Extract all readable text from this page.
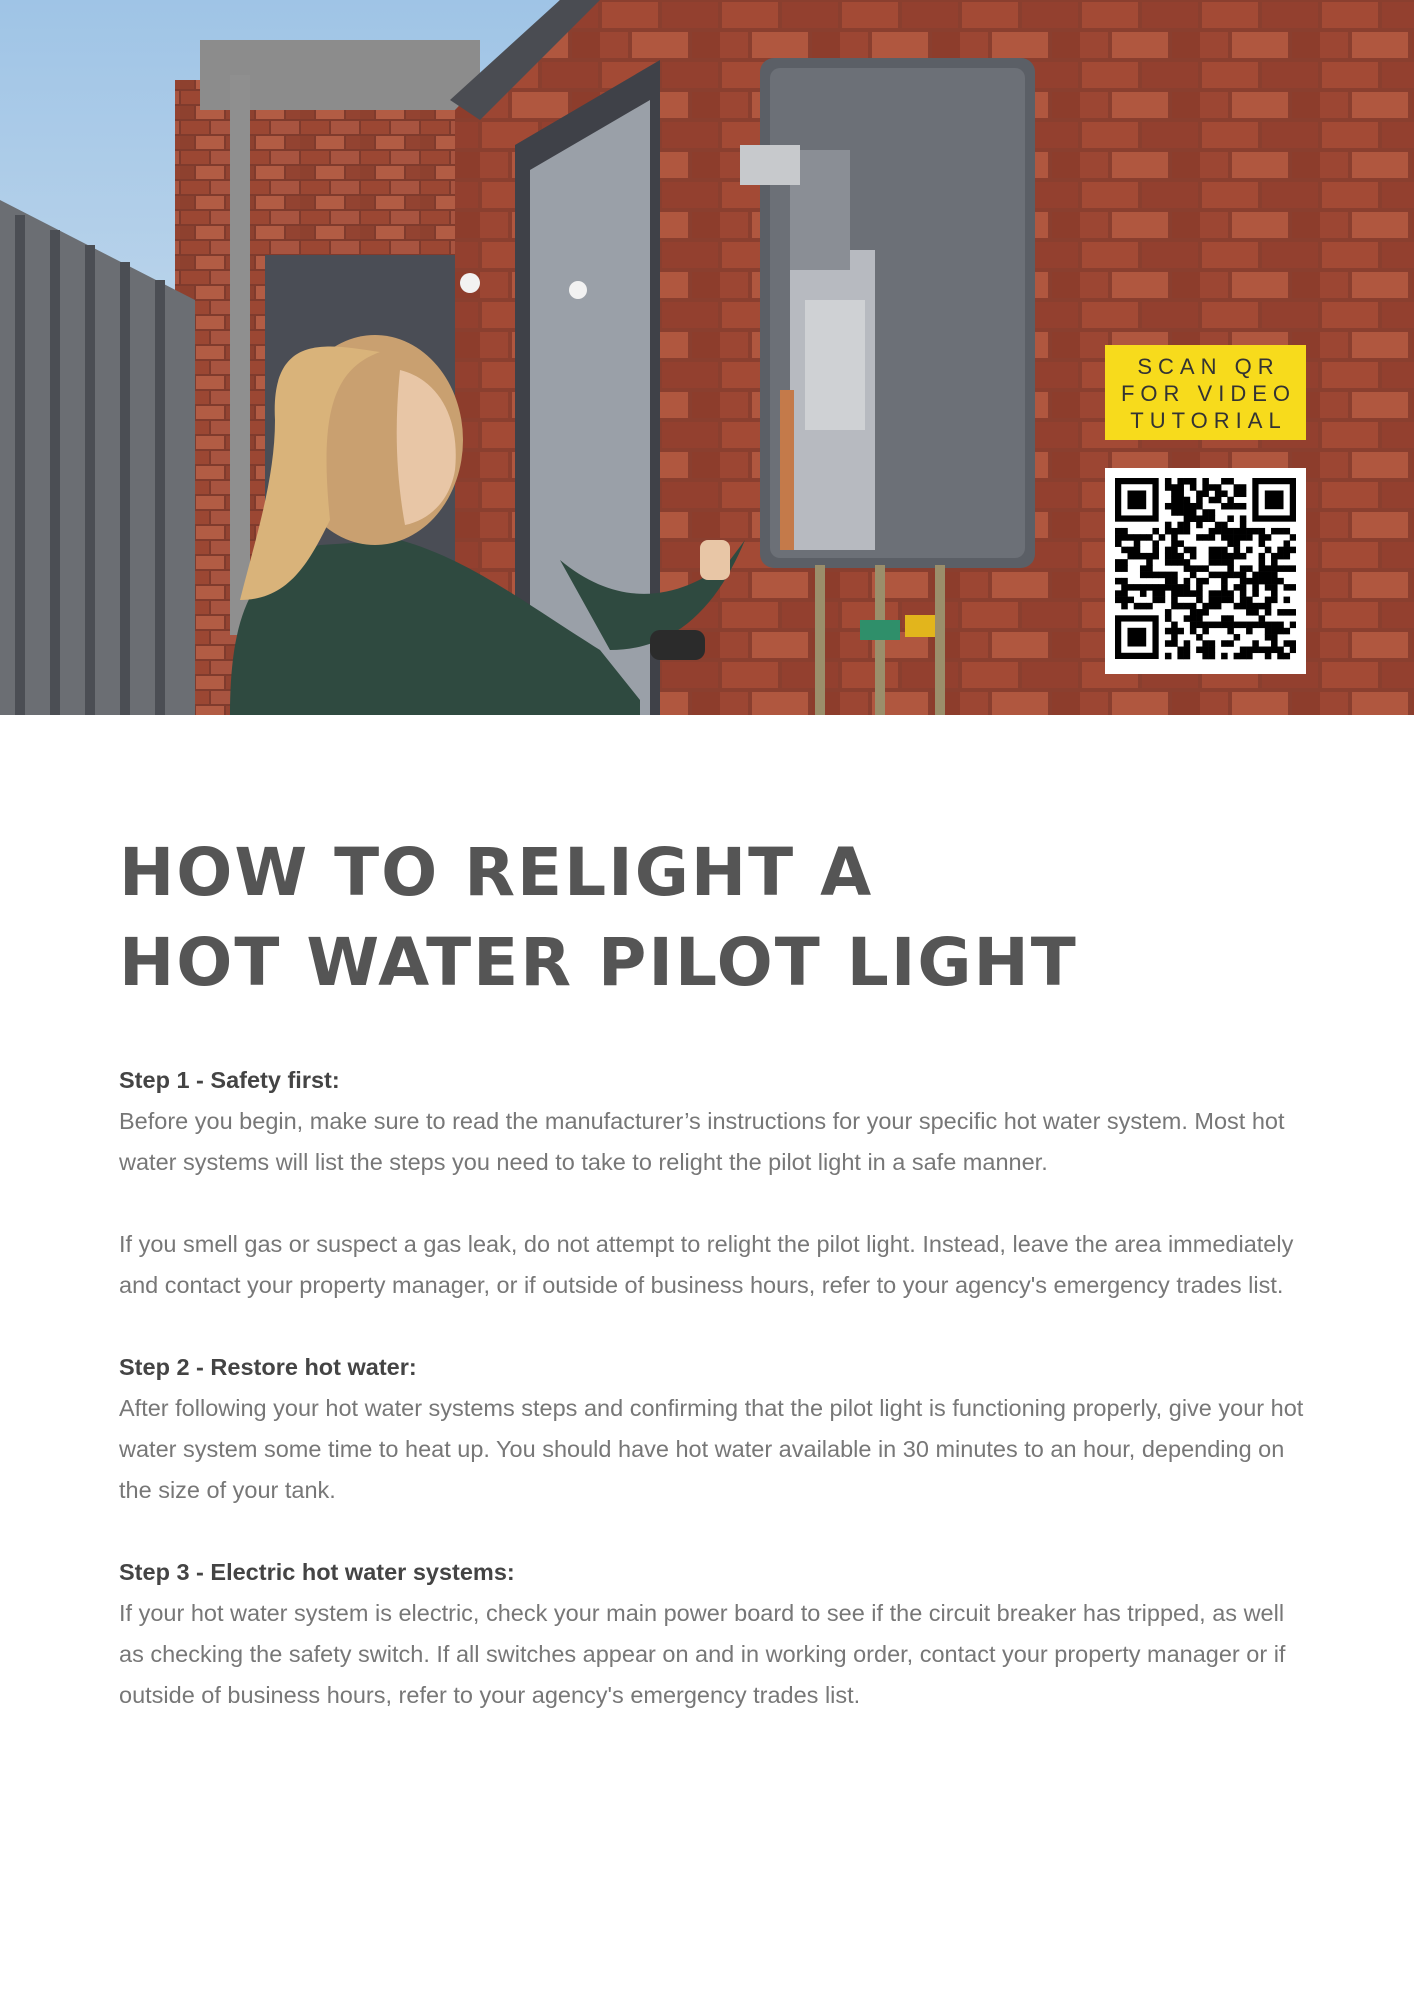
SCAN QR
FOR VIDEO
TUTORIAL
HOW TO RELIGHT A
HOT WATER PILOT LIGHT
Step 1 - Safety first:

Before you begin, make sure to read the manufacturer’s instructions for your specific hot water system. Most hot water systems will list the steps you need to take to relight the pilot light in a safe manner.

If you smell gas or suspect a gas leak, do not attempt to relight the pilot light. Instead, leave the area immediately and contact your property manager, or if outside of business hours, refer to your agency's emergency trades list.

Step 2 - Restore hot water:

After following your hot water systems steps and confirming that the pilot light is functioning properly, give your hot water system some time to heat up. You should have hot water available in 30 minutes to an hour, depending on the size of your tank.

Step 3 - Electric hot water systems:

If your hot water system is electric, check your main power board to see if the circuit breaker has tripped, as well as checking the safety switch. If all switches appear on and in working order, contact your property manager or if outside of business hours, refer to your agency's emergency trades list.
